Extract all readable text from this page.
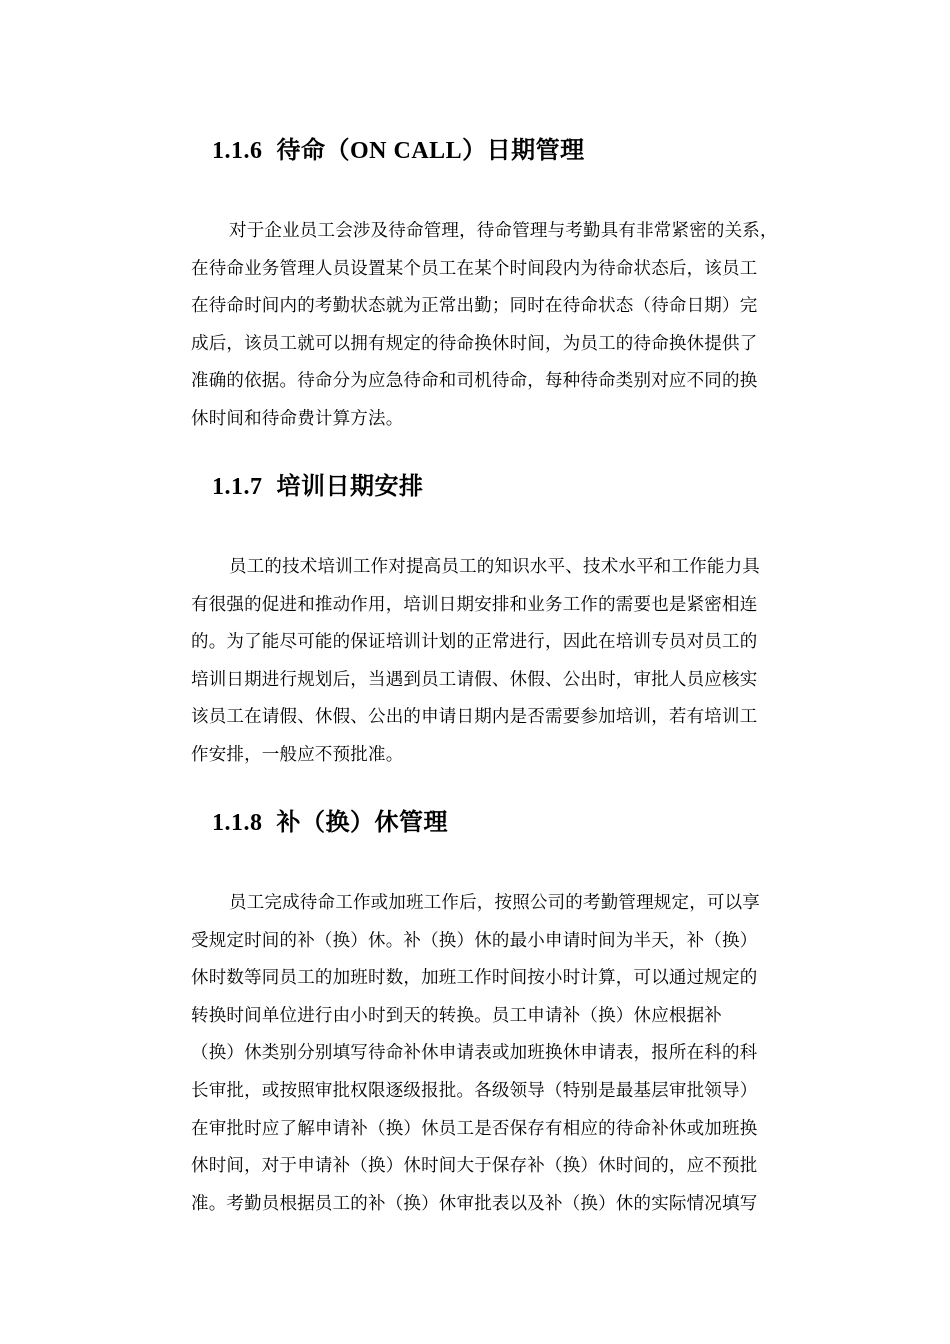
1.1.6 待命（ON CALL）日期管理
对于企业员工会涉及待命管理，待命管理与考勤具有非常紧密的关系，
在待命业务管理人员设置某个员工在某个时间段内为待命状态后，该员工
在待命时间内的考勤状态就为正常出勤；同时在待命状态（待命日期）完
成后，该员工就可以拥有规定的待命换休时间，为员工的待命换休提供了
准确的依据。待命分为应急待命和司机待命，每种待命类别对应不同的换
休时间和待命费计算方法。
1.1.7 培训日期安排
员工的技术培训工作对提高员工的知识水平、技术水平和工作能力具
有很强的促进和推动作用，培训日期安排和业务工作的需要也是紧密相连
的。为了能尽可能的保证培训计划的正常进行，因此在培训专员对员工的
培训日期进行规划后，当遇到员工请假、休假、公出时，审批人员应核实
该员工在请假、休假、公出的申请日期内是否需要参加培训，若有培训工
作安排，一般应不预批准。
1.1.8 补（换）休管理
员工完成待命工作或加班工作后，按照公司的考勤管理规定，可以享
受规定时间的补（换）休。补（换）休的最小申请时间为半天，补（换）
休时数等同员工的加班时数，加班工作时间按小时计算，可以通过规定的
转换时间单位进行由小时到天的转换。员工申请补（换）休应根据补
（换）休类别分别填写待命补休申请表或加班换休申请表，报所在科的科
长审批，或按照审批权限逐级报批。各级领导（特别是最基层审批领导）
在审批时应了解申请补（换）休员工是否保存有相应的待命补休或加班换
休时间，对于申请补（换）休时间大于保存补（换）休时间的，应不预批
准。考勤员根据员工的补（换）休审批表以及补（换）休的实际情况填写
